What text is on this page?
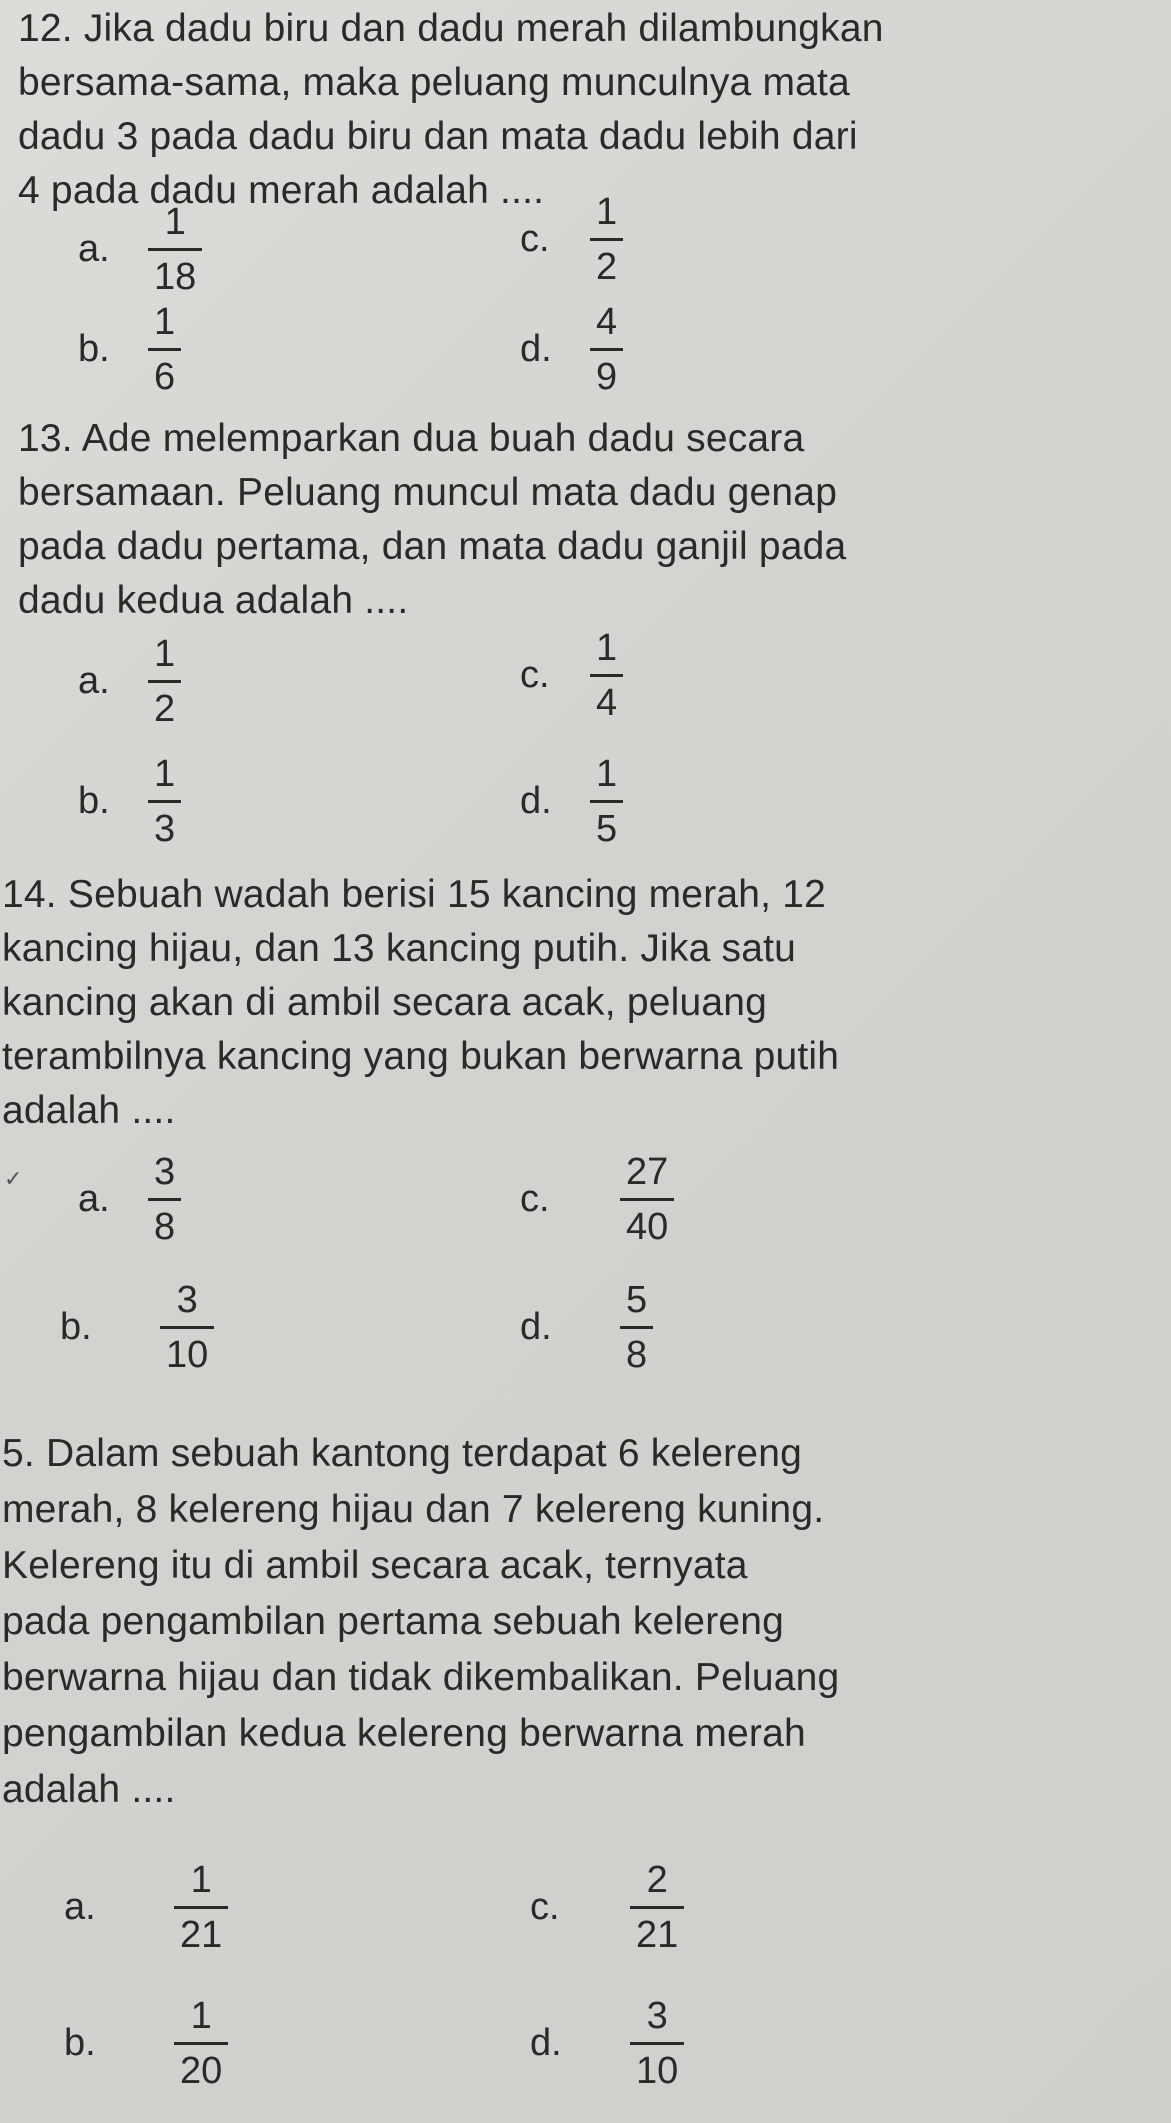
12. Jika dadu biru dan dadu merah dilambungkan
bersama-sama, maka peluang munculnya mata
dadu 3 pada dadu biru dan mata dadu lebih dari
4 pada dadu merah adalah ....

a.	$\frac{1}{18}$
b.	$\frac{1}{6}$
c.	$\frac{1}{2}$
d.	$\frac{4}{9}$

13. Ade melemparkan dua buah dadu secara
bersamaan. Peluang muncul mata dadu genap
pada dadu pertama, dan mata dadu ganjil pada
dadu kedua adalah ....

a.	$\frac{1}{2}$
b.	$\frac{1}{3}$
c.	$\frac{1}{4}$
d.	$\frac{1}{5}$

14. Sebuah wadah berisi 15 kancing merah, 12
kancing hijau, dan 13 kancing putih. Jika satu
kancing akan di ambil secara acak, peluang
terambilnya kancing yang bukan berwarna putih
adalah ....

✓ a.	$\frac{3}{8}$
b.	$\frac{3}{10}$
c.	$\frac{27}{40}$
d.	$\frac{5}{8}$

5. Dalam sebuah kantong terdapat 6 kelereng
merah, 8 kelereng hijau dan 7 kelereng kuning.
Kelereng itu di ambil secara acak, ternyata
pada pengambilan pertama sebuah kelereng
berwarna hijau dan tidak dikembalikan. Peluang
pengambilan kedua kelereng berwarna merah
adalah ....

a.	$\frac{1}{21}$
b.	$\frac{1}{20}$
c.	$\frac{2}{21}$
d.	$\frac{3}{10}$
